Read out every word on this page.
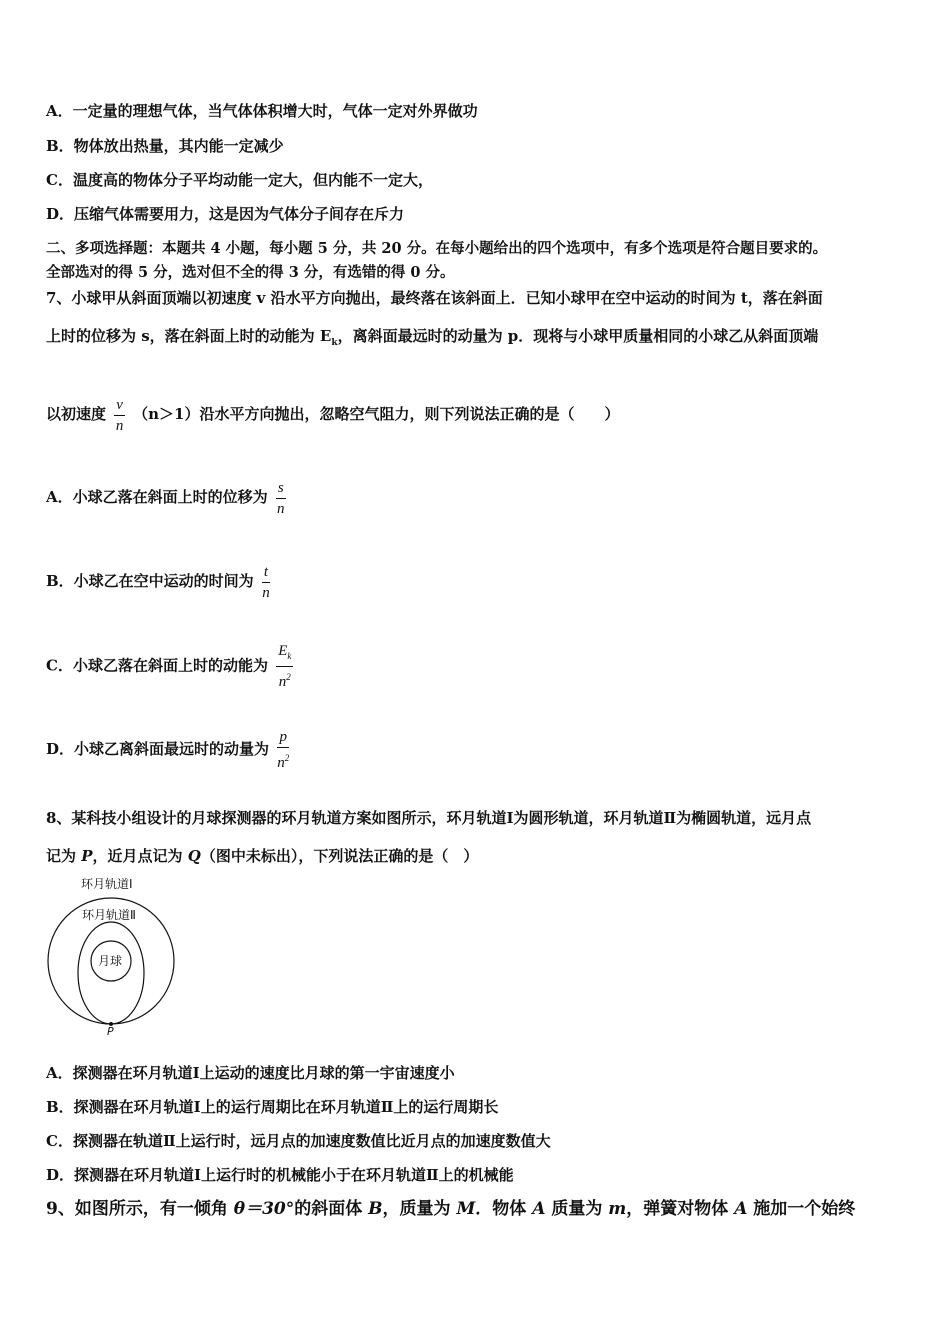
A．一定量的理想气体，当气体体积增大时，气体一定对外界做功
B．物体放出热量，其内能一定减少
C．温度高的物体分子平均动能一定大，但内能不一定大，
D．压缩气体需要用力，这是因为气体分子间存在斥力
二、多项选择题：本题共 4 小题，每小题 5 分，共 20 分。在每小题给出的四个选项中，有多个选项是符合题目要求的。
全部选对的得 5 分，选对但不全的得 3 分，有选错的得 0 分。
7、小球甲从斜面顶端以初速度 v 沿水平方向抛出，最终落在该斜面上．已知小球甲在空中运动的时间为 t，落在斜面
上时的位移为 s，落在斜面上时的动能为 $E_k$，离斜面最远时的动量为 p．现将与小球甲质量相同的小球乙从斜面顶端
以初速度 $\frac{v}{n} (n>1)$沿水平方向抛出，忽略空气阻力，则下列说法正确的是（　　）
A．小球乙落在斜面上时的位移为 $\frac{s}{n}$
B．小球乙在空中运动的时间为 $\frac{t}{n}$
C．小球乙落在斜面上时的动能为 $\frac{E_k}{n^2}$
D．小球乙离斜面最远时的动量为 $\frac{p}{n^2}$
8、某科技小组设计的月球探测器的环月轨道方案如图所示，环月轨道Ⅰ为圆形轨道，环月轨道Ⅱ为椭圆轨道，远月点
记为 P，近月点记为 Q（图中未标出），下列说法正确的是（　）
环月轨道Ⅰ
环月轨道Ⅱ
月球
P
A．探测器在环月轨道Ⅰ上运动的速度比月球的第一宇宙速度小
B．探测器在环月轨道Ⅰ上的运行周期比在环月轨道Ⅱ上的运行周期长
C．探测器在轨道Ⅱ上运行时，远月点的加速度数值比近月点的加速度数值大
D．探测器在环月轨道Ⅰ上运行时的机械能小于在环月轨道Ⅱ上的机械能
9、如图所示，有一倾角 θ＝30°的斜面体 B，质量为 M．物体 A 质量为 m，弹簧对物体 A 施加一个始终
